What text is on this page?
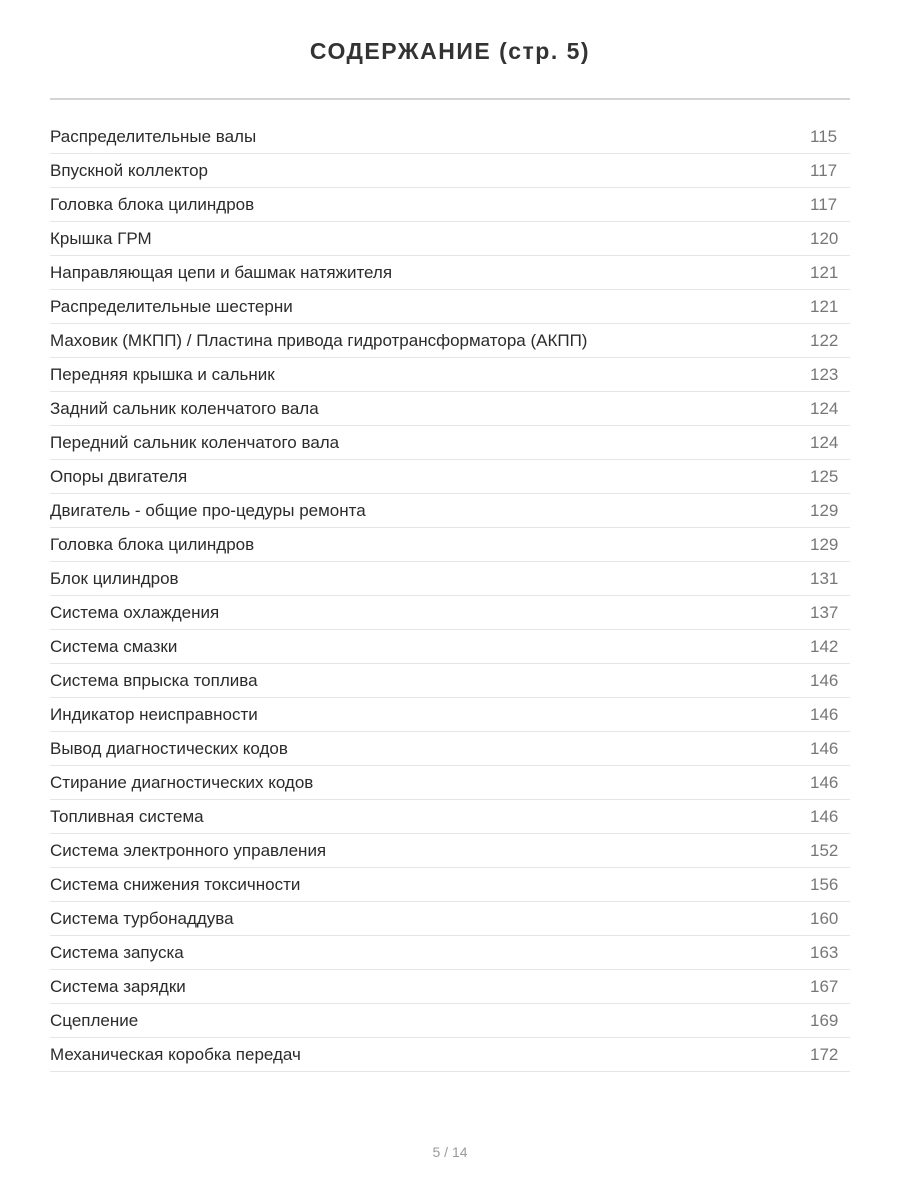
СОДЕРЖАНИЕ (стр. 5)
Распределительные валы	115
Впускной коллектор	117
Головка блока цилиндров	117
Крышка ГРМ	120
Направляющая цепи и башмак натяжителя	121
Распределительные шестерни	121
Маховик (МКПП) / Пластина привода гидротрансформатора (АКПП)	122
Передняя крышка и сальник	123
Задний сальник коленчатого вала	124
Передний сальник коленчатого вала	124
Опоры двигателя	125
Двигатель - общие про-цедуры ремонта	129
Головка блока цилиндров	129
Блок цилиндров	131
Система охлаждения	137
Система смазки	142
Система впрыска топлива	146
Индикатор неисправности	146
Вывод диагностических кодов	146
Стирание диагностических кодов	146
Топливная система	146
Система электронного управления	152
Система снижения токсичности	156
Система турбонаддува	160
Система запуска	163
Система зарядки	167
Сцепление	169
Механическая коробка передач	172
5 / 14
